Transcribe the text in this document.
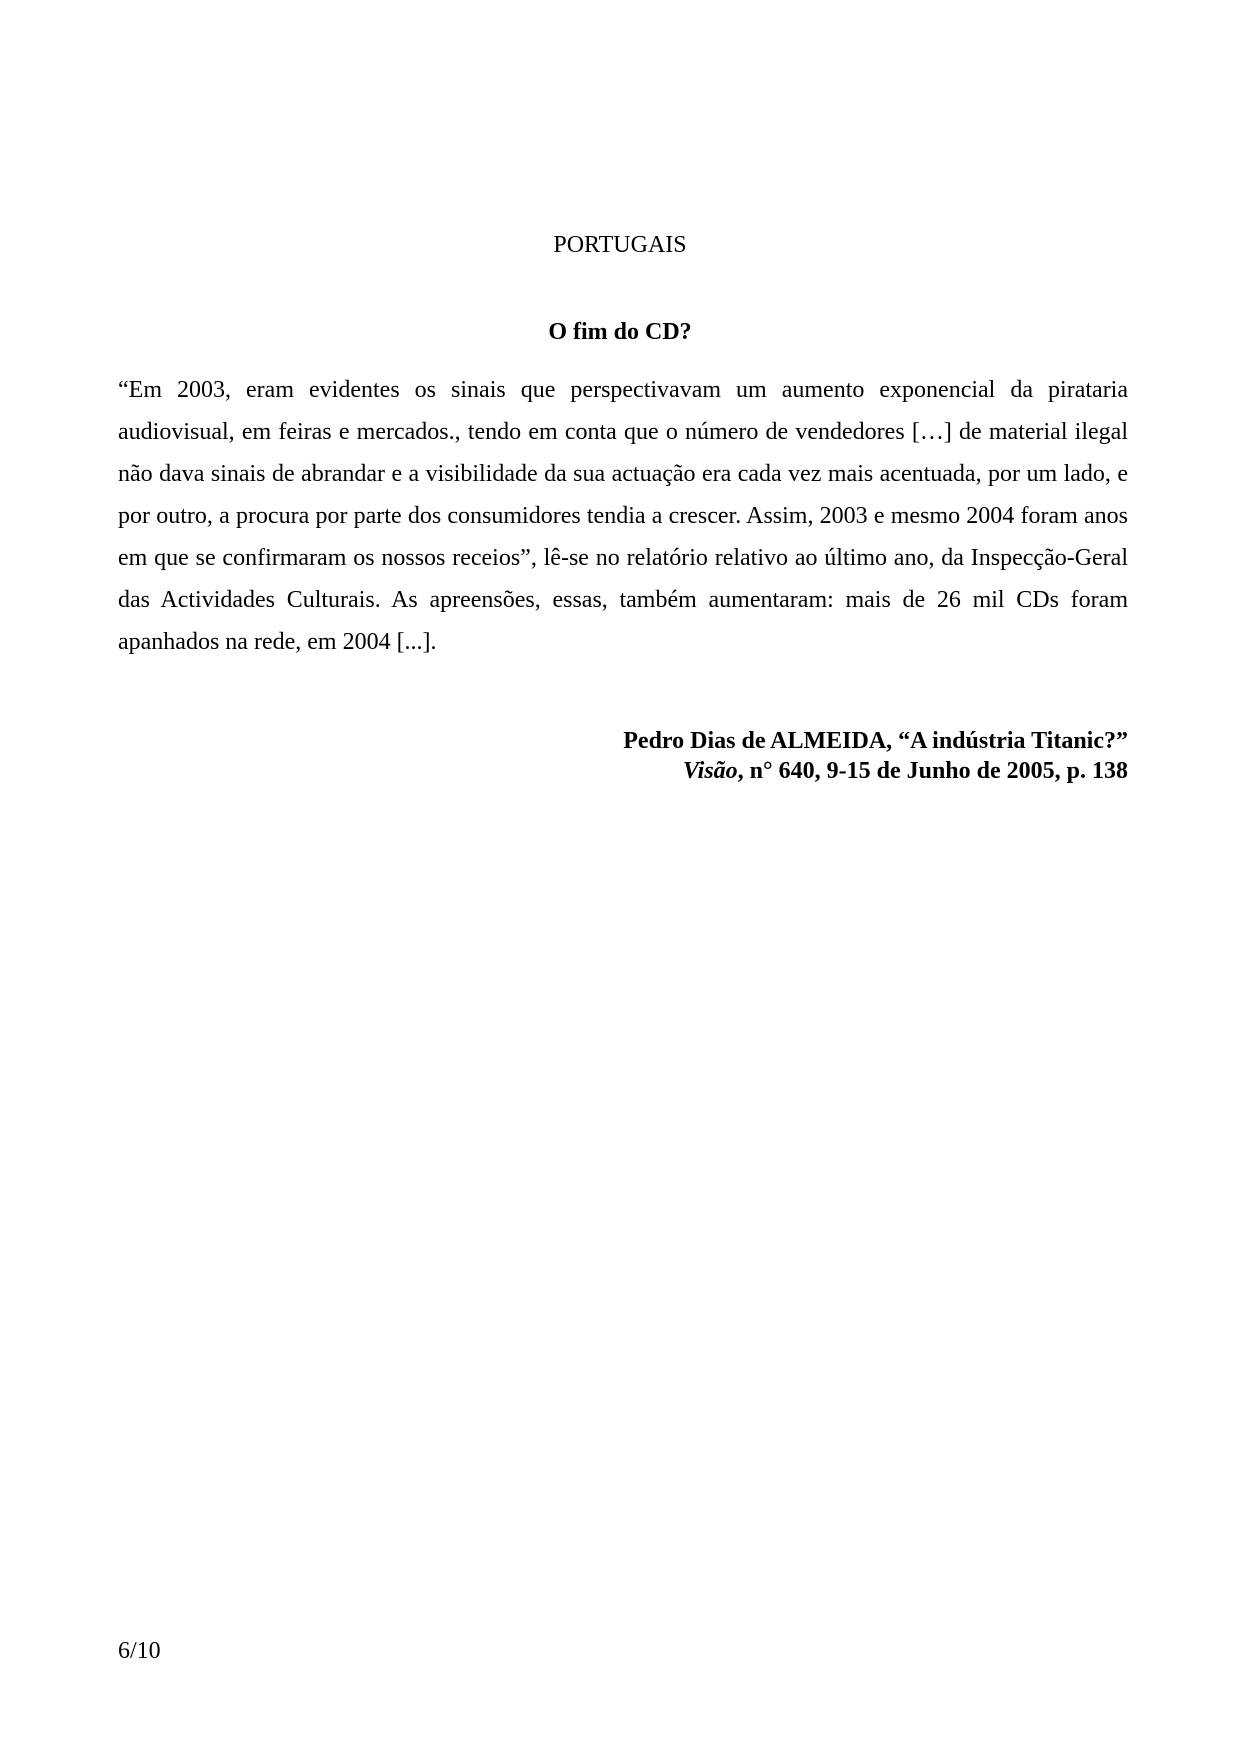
PORTUGAIS
O fim do CD?

“Em 2003, eram evidentes os sinais que perspectivavam um aumento exponencial da pirataria audiovisual, em feiras e mercados., tendo em conta que o número de vendedores […] de material ilegal não dava sinais de abrandar e a visibilidade da sua actuação era cada vez mais acentuada, por um lado, e por outro, a procura por parte dos consumidores tendia a crescer. Assim, 2003 e mesmo 2004 foram anos em que se confirmaram os nossos receios”, lê-se no relatório relativo ao último ano, da Inspecção-Geral das Actividades Culturais. As apreensões, essas, também aumentaram: mais de 26 mil CDs foram apanhados na rede, em 2004 [...].

Pedro Dias de ALMEIDA, “A indústria Titanic?”
Visão, n° 640, 9-15 de Junho de 2005, p. 138
6/10
